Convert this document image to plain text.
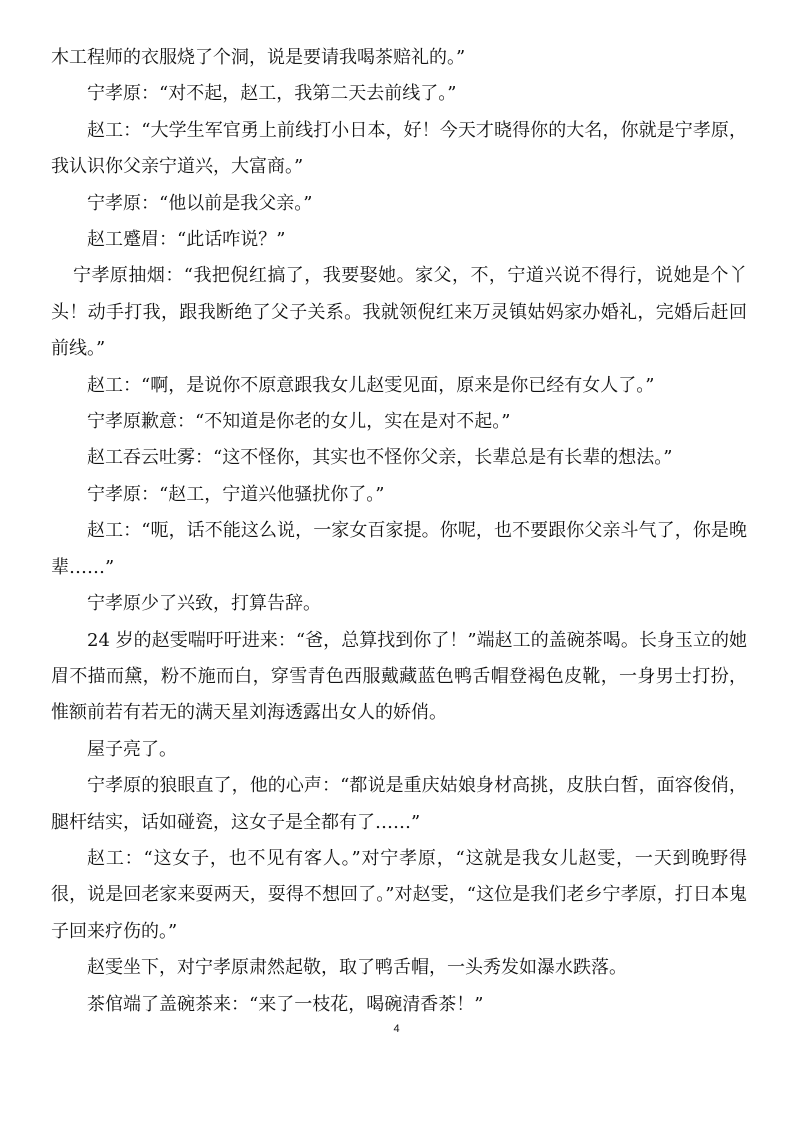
木工程师的衣服烧了个洞，说是要请我喝茶赔礼的。”

宁孝原：“对不起，赵工，我第二天去前线了。”

赵工：“大学生军官勇上前线打小日本，好！今天才晓得你的大名，你就是宁孝原，我认识你父亲宁道兴，大富商。”

宁孝原：“他以前是我父亲。”

赵工蹙眉：“此话咋说？”

宁孝原抽烟：“我把倪红搞了，我要娶她。家父，不，宁道兴说不得行，说她是个丫头！动手打我，跟我断绝了父子关系。我就领倪红来万灵镇姑妈家办婚礼，完婚后赶回前线。”

赵工：“啊，是说你不原意跟我女儿赵雯见面，原来是你已经有女人了。”

宁孝原歉意：“不知道是你老的女儿，实在是对不起。”

赵工吞云吐雾：“这不怪你，其实也不怪你父亲，长辈总是有长辈的想法。”

宁孝原：“赵工，宁道兴他骚扰你了。”

赵工：“呃，话不能这么说，一家女百家提。你呢，也不要跟你父亲斗气了，你是晚辈……”

宁孝原少了兴致，打算告辞。

24 岁的赵雯喘吁吁进来：“爸，总算找到你了！”端赵工的盖碗茶喝。长身玉立的她眉不描而黛，粉不施而白，穿雪青色西服戴藏蓝色鸭舌帽登褐色皮靴，一身男士打扮，惟额前若有若无的满天星刘海透露出女人的娇俏。

屋子亮了。

宁孝原的狼眼直了，他的心声：“都说是重庆姑娘身材高挑，皮肤白皙，面容俊俏，腿杆结实，话如碰瓷，这女子是全都有了……”

赵工：“这女子，也不见有客人。”对宁孝原，“这就是我女儿赵雯，一天到晚野得很，说是回老家来耍两天，耍得不想回了。”对赵雯，“这位是我们老乡宁孝原，打日本鬼子回来疗伤的。”

赵雯坐下，对宁孝原肃然起敬，取了鸭舌帽，一头秀发如瀑水跌落。

茶倌端了盖碗茶来：“来了一枝花，喝碗清香茶！”

4
